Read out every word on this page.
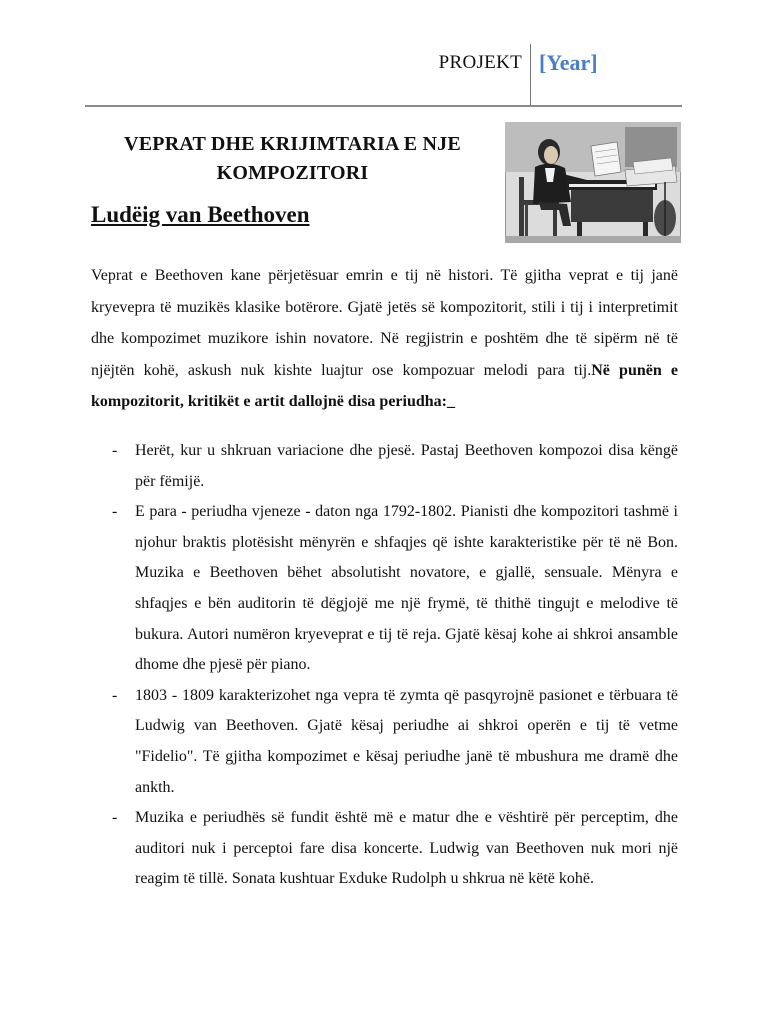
PROJEKT [Year]
VEPRAT DHE KRIJIMTARIA E NJE KOMPOZITORI
Ludëig van Beethoven
Veprat e Beethoven kane përjetësuar emrin e tij në histori. Të gjitha veprat e tij janë kryevepra të muzikës klasike botërore. Gjatë jetës së kompozitorit, stili i tij i interpretimit dhe kompozimet muzikore ishin novatore. Në regjistrin e poshtëm dhe të sipërm në të njëjtën kohë, askush nuk kishte luajtur ose kompozuar melodi para tij.Në punën e kompozitorit, kritikët e artit dallojnë disa periudha:_
- Herët, kur u shkruan variacione dhe pjesë. Pastaj Beethoven kompozoi disa këngë për fëmijë.
- E para - periudha vjeneze - daton nga 1792-1802. Pianisti dhe kompozitori tashmë i njohur braktis plotësisht mënyrën e shfaqjes që ishte karakteristike për të në Bon. Muzika e Beethoven bëhet absolutisht novatore, e gjallë, sensuale. Mënyra e shfaqjes e bën auditorin të dëgjojë me një frymë, të thithë tingujt e melodive të bukura. Autori numëron kryeveprat e tij të reja. Gjatë kësaj kohe ai shkroi ansamble dhome dhe pjesë për piano.
- 1803 - 1809 karakterizohet nga vepra të zymta që pasqyrojnë pasionet e tërbuara të Ludwig van Beethoven. Gjatë kësaj periudhe ai shkroi operën e tij të vetme "Fidelio". Të gjitha kompozimet e kësaj periudhe janë të mbushura me dramë dhe ankth.
- Muzika e periudhës së fundit është më e matur dhe e vështirë për perceptim, dhe auditori nuk i perceptoi fare disa koncerte. Ludwig van Beethoven nuk mori një reagim të tillë. Sonata kushtuar Exduke Rudolph u shkrua në këtë kohë.
